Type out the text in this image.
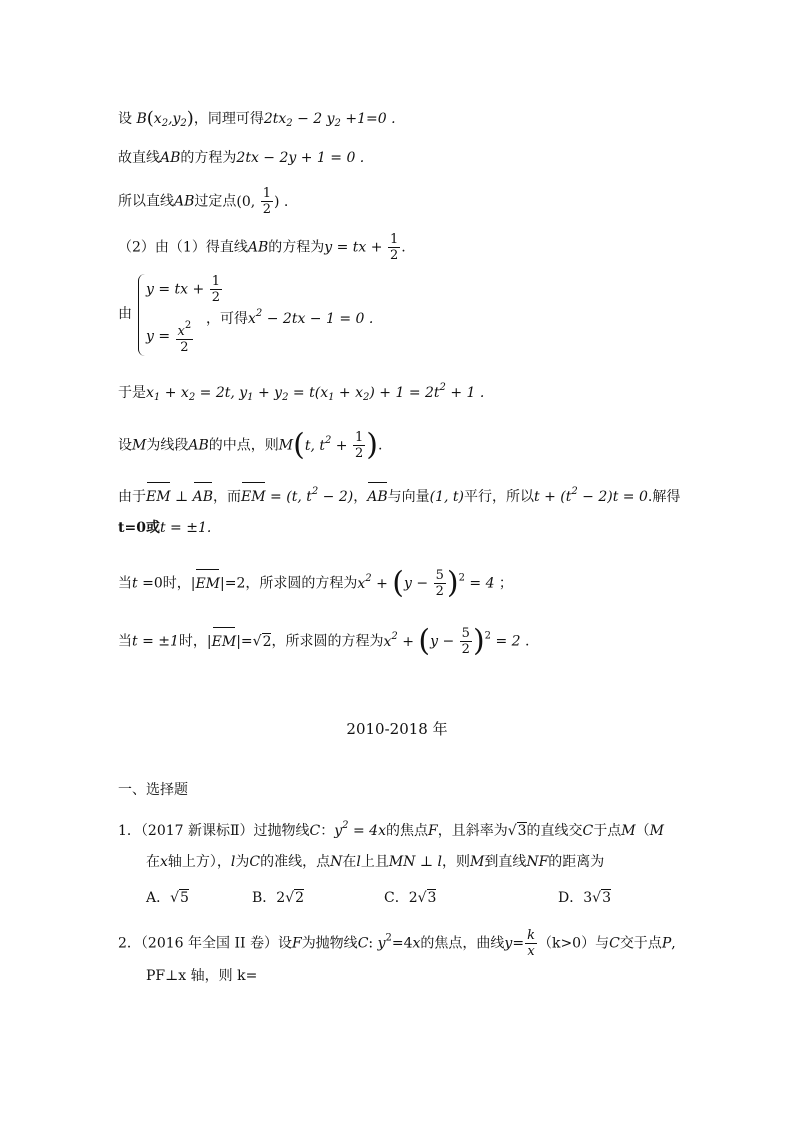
设 $B(x_2,y_2)$，同理可得$2tx_2 - 2$ $y_2 +1=0$ .
故直线AB的方程为2tx − 2y + 1 = 0 .
所以直线AB过定点(0, $\frac{1}{2}$ ) .
（2）由（1）得直线AB的方程为y = tx + $\frac{1}{2}$ .
由
y = tx + $\frac{1}{2}$
$y = \frac{x^2}{2}$ ，可得$x^2 - 2tx - 1 = 0$ .
于是$x_1 + x_2 = 2t$, $y_1 + y_2 = t(x_1 + x_2) + 1 = 2t^2 + 1$ .
设M为线段AB的中点，则M(t, $t^2 + \frac{1}{2}$ ).
由于EM ⊥ AB，而EM = (t, $t^2 - 2$)，AB与向量(1, t)平行，所以$t + (t^2 - 2)t = 0$.解得
t=0或t = ±1.
当t =0时，|EM|=2，所求圆的方程为$x^2 + (y - \frac{5}{2} )^2 = 4$ ；
当t = ±1时，|EM|=√2，所求圆的方程为$x^2 + (y - \frac{5}{2} )^2 = 2$ .
2010-2018 年
一、选择题
1．（2017 新课标Ⅱ）过抛物线C：$y^2 = 4x$的焦点F，且斜率为√3的直线交C于点M（M
在x轴上方），l为C的准线，点N在l上且MN ⊥ l，则M到直线NF的距离为
A．√5	B．2√2	C．2√3	D．3√3
2．（2016 年全国 II 卷）设F为抛物线C: $y^2=4x$的焦点，曲线$y= \frac{k}{x} (k>0)$与C交于点P,
PF⊥x 轴，则 k=
